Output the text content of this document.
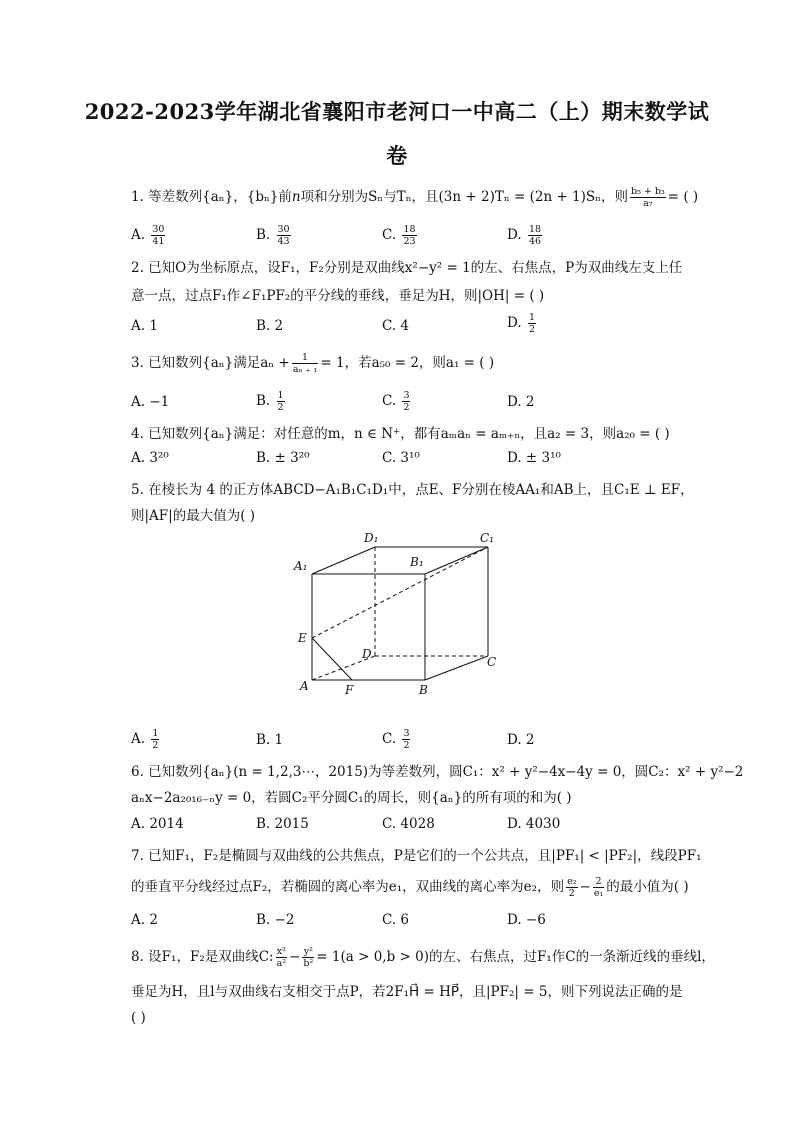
2022-2023学年湖北省襄阳市老河口一中高二（上）期末数学试
卷
1. 等差数列{aₙ}，{bₙ}前n项和分别为Sₙ与Tₙ，且(3n + 2)Tₙ = (2n + 1)Sₙ，则 $\frac{\text{b₅ + b₃}}{\text{a₇}}$ = ( )
A. $\frac{30}{41}$	B. $\frac{30}{43}$	C. $\frac{18}{23}$	D. $\frac{18}{46}$
2. 已知O为坐标原点，设F₁，F₂分别是双曲线x²−y² = 1的左、右焦点，P为双曲线左支上任
意一点，过点F₁作∠F₁PF₂的平分线的垂线，垂足为H，则|OH| = ( )
A. 1	B. 2	C. 4	D. $\frac{1}{2}$
3. 已知数列{aₙ}满足$a_n + \frac{1}{\text{aₙ ₊ ₁}} = 1$，若a₅₀ = 2，则a₁ = ( )
A. −1	B. $\frac{1}{2}$	C. $\frac{3}{2}$	D. 2
4. 已知数列{aₙ}满足：对任意的m，n ∈ N⁺，都有aₘaₙ = aₘ₊ₙ，且a₂ = 3，则a₂₀ = ( )
A. 3²⁰	B. ± 3²⁰	C. 3¹⁰	D. ± 3¹⁰
5. 在棱长为 4 的正方体ABCD−A₁B₁C₁D₁中，点E、F分别在棱AA₁和AB上，且C₁E ⊥ EF，
则|AF|的最大值为( )
D₁	C₁
A₁	B₁
E
D
C
A	F	B
A. $\frac{1}{2}$	B. 1	C. $\frac{3}{2}$	D. 2
6. 已知数列{aₙ}(n = 1,2,3⋯，2015)为等差数列，圆C₁：x² + y²−4x−4y = 0，圆C₂：x² + y²−2
aₙx−2a₂₀₁₆₋ₙy = 0，若圆C₂平分圆C₁的周长，则{aₙ}的所有项的和为( )
A. 2014	B. 2015	C. 4028	D. 4030
7. 已知F₁，F₂是椭圆与双曲线的公共焦点，P是它们的一个公共点，且|PF₁| < |PF₂|，线段PF₁
的垂直平分线经过点F₂，若椭圆的离心率为e₁，双曲线的离心率为e₂，则 $\frac{\text{e₂}}{2} - \frac{2}{\text{e₁}}$ 的最小值为( )
A. 2	B. −2	C. 6	D. −6
8. 设F₁，F₂是双曲线C: $\frac{\text{x²}}{\text{a²}} - \frac{\text{y²}}{\text{b²}} = 1(a > 0,b > 0)$的左、右焦点，过F₁作C的一条渐近线的垂线l，
垂足为H，且l与双曲线右支相交于点P，若2F₁H⃗ = HP⃗，且|PF₂| = 5，则下列说法正确的是
( )
